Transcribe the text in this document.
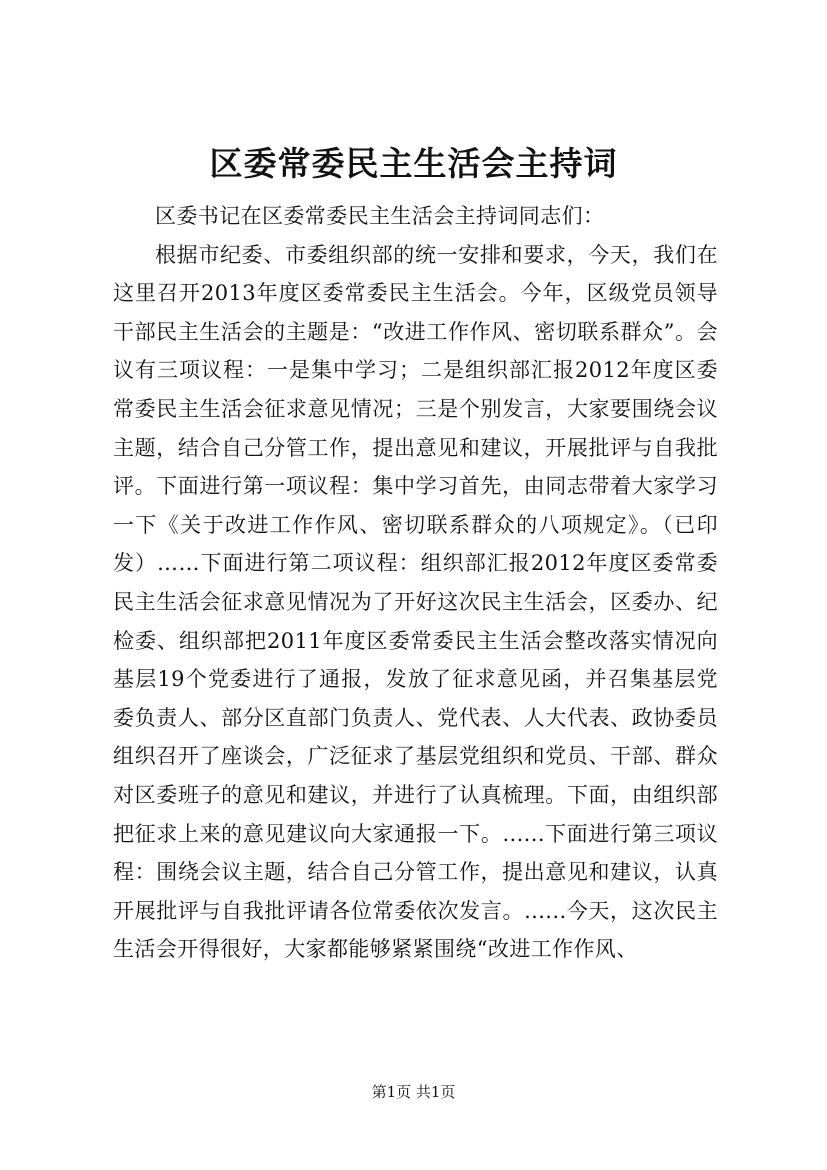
区委常委民主生活会主持词

区委书记在区委常委民主生活会主持词同志们：

根据市纪委、市委组织部的统一安排和要求，今天，我们在这里召开2013年度区委常委民主生活会。今年，区级党员领导干部民主生活会的主题是：“改进工作作风、密切联系群众”。会议有三项议程：一是集中学习；二是组织部汇报2012年度区委常委民主生活会征求意见情况；三是个别发言，大家要围绕会议主题，结合自己分管工作，提出意见和建议，开展批评与自我批评。下面进行第一项议程：集中学习首先，由同志带着大家学习一下《关于改进工作作风、密切联系群众的八项规定》。（已印发）……下面进行第二项议程：组织部汇报2012年度区委常委民主生活会征求意见情况为了开好这次民主生活会，区委办、纪检委、组织部把2011年度区委常委民主生活会整改落实情况向基层19个党委进行了通报，发放了征求意见函，并召集基层党委负责人、部分区直部门负责人、党代表、人大代表、政协委员组织召开了座谈会，广泛征求了基层党组织和党员、干部、群众对区委班子的意见和建议，并进行了认真梳理。下面，由组织部把征求上来的意见建议向大家通报一下。......下面进行第三项议程：围绕会议主题，结合自己分管工作，提出意见和建议，认真开展批评与自我批评请各位常委依次发言。......今天，这次民主生活会开得很好，大家都能够紧紧围绕“改进工作作风、

第1页 共1页
